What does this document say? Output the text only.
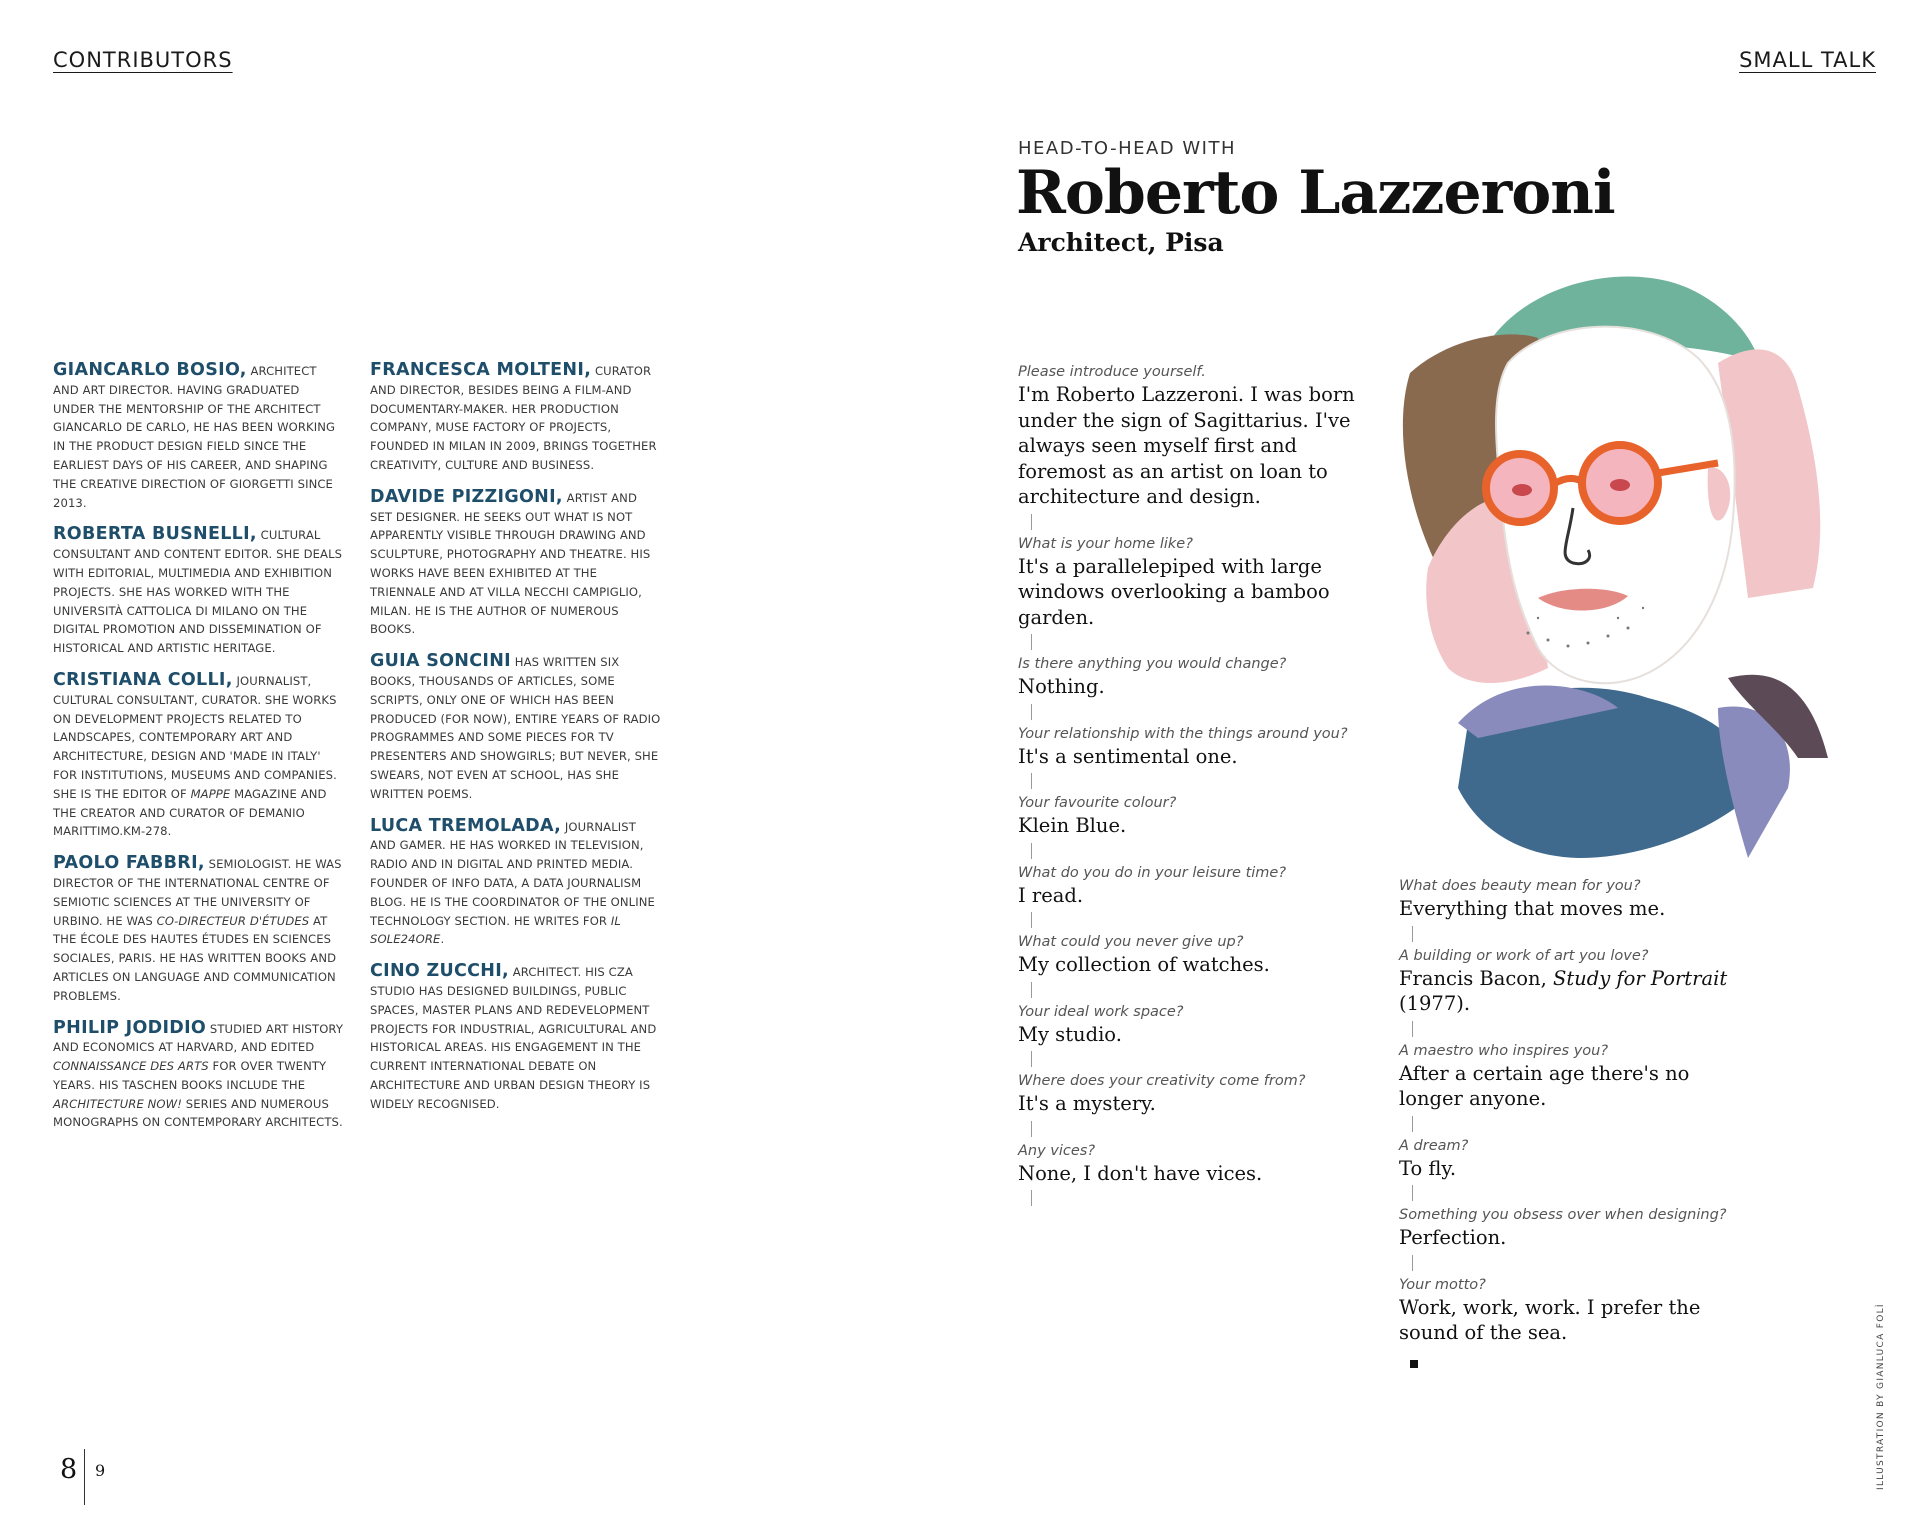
CONTRIBUTORS	SMALL TALK

GIANCARLO BOSIO, ARCHITECT AND ART DIRECTOR. HAVING GRADUATED UNDER THE MENTORSHIP OF THE ARCHITECT GIANCARLO DE CARLO, HE HAS BEEN WORKING IN THE PRODUCT DESIGN FIELD SINCE THE EARLIEST DAYS OF HIS CAREER, AND SHAPING THE CREATIVE DIRECTION OF GIORGETTI SINCE 2013.

ROBERTA BUSNELLI, CULTURAL CONSULTANT AND CONTENT EDITOR. SHE DEALS WITH EDITORIAL, MULTIMEDIA AND EXHIBITION PROJECTS. SHE HAS WORKED WITH THE UNIVERSITÀ CATTOLICA DI MILANO ON THE DIGITAL PROMOTION AND DISSEMINATION OF HISTORICAL AND ARTISTIC HERITAGE.

CRISTIANA COLLI, JOURNALIST, CULTURAL CONSULTANT, CURATOR. SHE WORKS ON DEVELOPMENT PROJECTS RELATED TO LANDSCAPES, CONTEMPORARY ART AND ARCHITECTURE, DESIGN AND 'MADE IN ITALY' FOR INSTITUTIONS, MUSEUMS AND COMPANIES. SHE IS THE EDITOR OF MAPPE MAGAZINE AND THE CREATOR AND CURATOR OF DEMANIO MARITTIMO.KM-278.

PAOLO FABBRI, SEMIOLOGIST. HE WAS DIRECTOR OF THE INTERNATIONAL CENTRE OF SEMIOTIC SCIENCES AT THE UNIVERSITY OF URBINO. HE WAS CO-DIRECTEUR D'ÉTUDES AT THE ÉCOLE DES HAUTES ÉTUDES EN SCIENCES SOCIALES, PARIS. HE HAS WRITTEN BOOKS AND ARTICLES ON LANGUAGE AND COMMUNICATION PROBLEMS.

PHILIP JODIDIO STUDIED ART HISTORY AND ECONOMICS AT HARVARD, AND EDITED CONNAISSANCE DES ARTS FOR OVER TWENTY YEARS. HIS TASCHEN BOOKS INCLUDE THE ARCHITECTURE NOW! SERIES AND NUMEROUS MONOGRAPHS ON CONTEMPORARY ARCHITECTS.

FRANCESCA MOLTENI, CURATOR AND DIRECTOR, BESIDES BEING A FILM-AND DOCUMENTARY-MAKER. HER PRODUCTION COMPANY, MUSE FACTORY OF PROJECTS, FOUNDED IN MILAN IN 2009, BRINGS TOGETHER CREATIVITY, CULTURE AND BUSINESS.

DAVIDE PIZZIGONI, ARTIST AND SET DESIGNER. HE SEEKS OUT WHAT IS NOT APPARENTLY VISIBLE THROUGH DRAWING AND SCULPTURE, PHOTOGRAPHY AND THEATRE. HIS WORKS HAVE BEEN EXHIBITED AT THE TRIENNALE AND AT VILLA NECCHI CAMPIGLIO, MILAN. HE IS THE AUTHOR OF NUMEROUS BOOKS.

GUIA SONCINI HAS WRITTEN SIX BOOKS, THOUSANDS OF ARTICLES, SOME SCRIPTS, ONLY ONE OF WHICH HAS BEEN PRODUCED (FOR NOW), ENTIRE YEARS OF RADIO PROGRAMMES AND SOME PIECES FOR TV PRESENTERS AND SHOWGIRLS; BUT NEVER, SHE SWEARS, NOT EVEN AT SCHOOL, HAS SHE WRITTEN POEMS.

LUCA TREMOLADA, JOURNALIST AND GAMER. HE HAS WORKED IN TELEVISION, RADIO AND IN DIGITAL AND PRINTED MEDIA. FOUNDER OF INFO DATA, A DATA JOURNALISM BLOG. HE IS THE COORDINATOR OF THE ONLINE TECHNOLOGY SECTION. HE WRITES FOR IL SOLE24ORE.

CINO ZUCCHI, ARCHITECT. HIS CZA STUDIO HAS DESIGNED BUILDINGS, PUBLIC SPACES, MASTER PLANS AND REDEVELOPMENT PROJECTS FOR INDUSTRIAL, AGRICULTURAL AND HISTORICAL AREAS. HIS ENGAGEMENT IN THE CURRENT INTERNATIONAL DEBATE ON ARCHITECTURE AND URBAN DESIGN THEORY IS WIDELY RECOGNISED.

HEAD-TO-HEAD WITH
Roberto Lazzeroni
Architect, Pisa
Please introduce yourself.
I'm Roberto Lazzeroni. I was born under the sign of Sagittarius. I've always seen myself first and foremost as an artist on loan to architecture and design.
What is your home like?
It's a parallelepiped with large windows overlooking a bamboo garden.
Is there anything you would change?
Nothing.
Your relationship with the things around you?
It's a sentimental one.
Your favourite colour?
Klein Blue.
What do you do in your leisure time?
I read.
What could you never give up?
My collection of watches.
Your ideal work space?
My studio.
Where does your creativity come from?
It's a mystery.
Any vices?
None, I don't have vices.
What does beauty mean for you?
Everything that moves me.
A building or work of art you love?
Francis Bacon, Study for Portrait (1977).
A maestro who inspires you?
After a certain age there's no longer anyone.
A dream?
To fly.
Something you obsess over when designing?
Perfection.
Your motto?
Work, work, work. I prefer the sound of the sea.	ILLUSTRATION BY GIANLUCA FOLÌ
8 9
